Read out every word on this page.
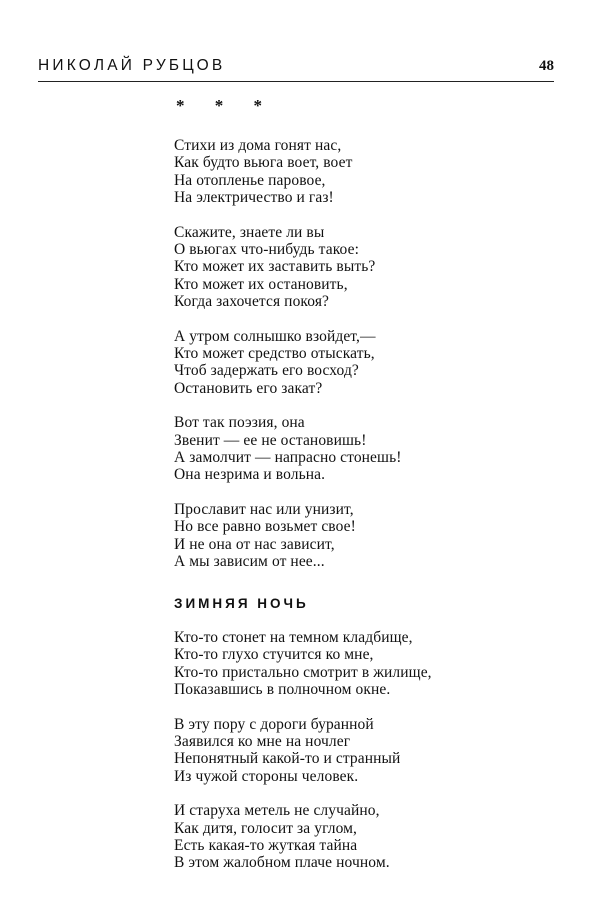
НИКОЛАЙ РУБЦОВ	48
* * *
Стихи из дома гонят нас,
Как будто вьюга воет, воет
На отопленье паровое,
На электричество и газ!
Скажите, знаете ли вы
О вьюгах что-нибудь такое:
Кто может их заставить выть?
Кто может их остановить,
Когда захочется покоя?
А утром солнышко взойдет,—
Кто может средство отыскать,
Чтоб задержать его восход?
Остановить его закат?
Вот так поэзия, она
Звенит — ее не остановишь!
А замолчит — напрасно стонешь!
Она незрима и вольна.
Прославит нас или унизит,
Но все равно возьмет свое!
И не она от нас зависит,
А мы зависим от нее...
ЗИМНЯЯ НОЧЬ
Кто-то стонет на темном кладбище,
Кто-то глухо стучится ко мне,
Кто-то пристально смотрит в жилище,
Показавшись в полночном окне.
В эту пору с дороги буранной
Заявился ко мне на ночлег
Непонятный какой-то и странный
Из чужой стороны человек.
И старуха метель не случайно,
Как дитя, голосит за углом,
Есть какая-то жуткая тайна
В этом жалобном плаче ночном.
